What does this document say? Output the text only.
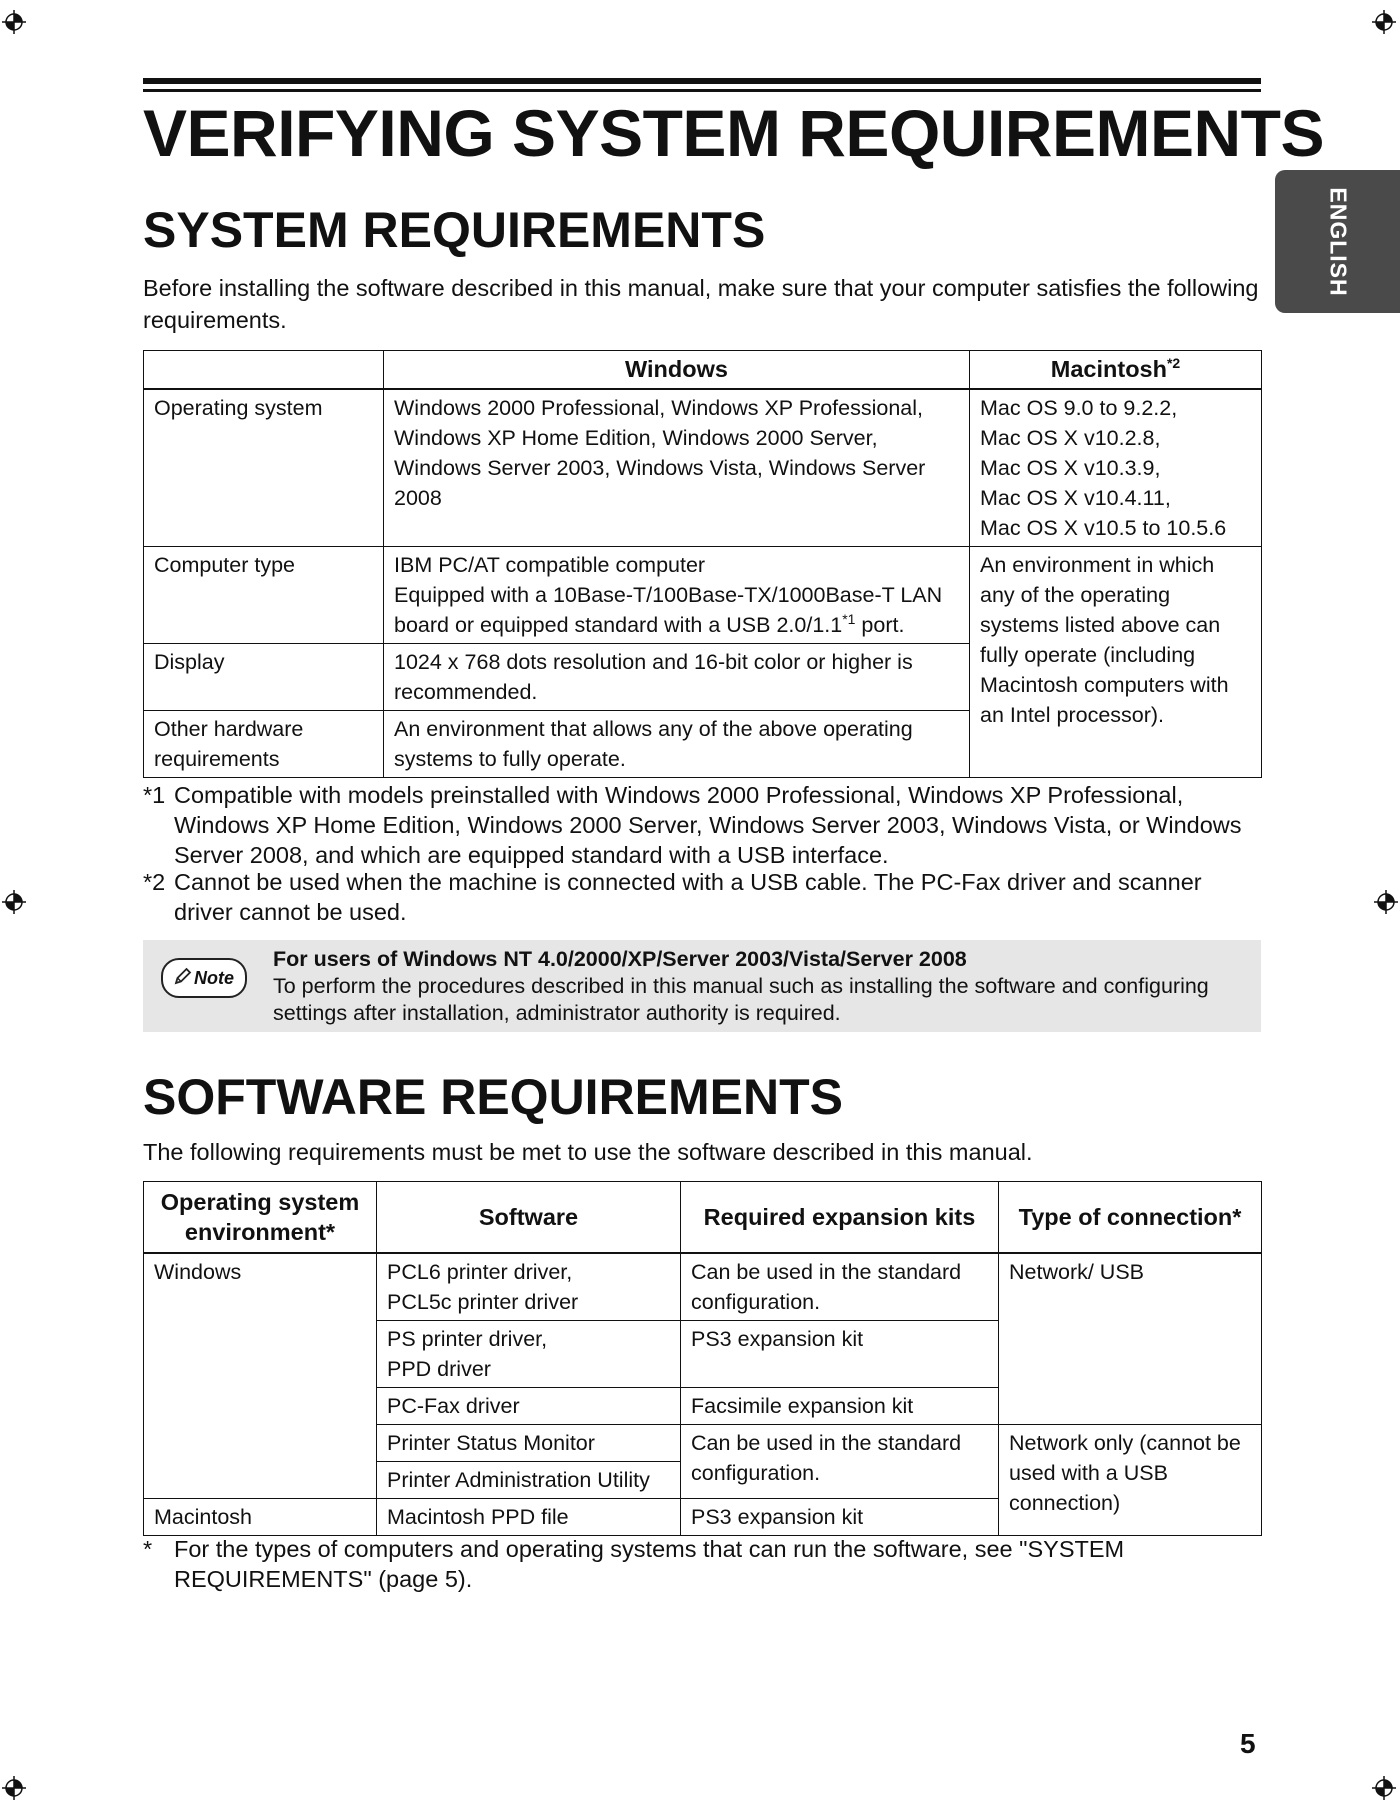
ENGLISH
VERIFYING SYSTEM REQUIREMENTS
SYSTEM REQUIREMENTS

Before installing the software described in this manual, make sure that your computer satisfies the following requirements.

	Windows	Macintosh$^{*2}$
Operating system	Windows 2000 Professional, Windows XP Professional, Windows XP Home Edition, Windows 2000 Server, Windows Server 2003, Windows Vista, Windows Server 2008	Mac OS 9.0 to 9.2.2,
Mac OS X v10.2.8,
Mac OS X v10.3.9,
Mac OS X v10.4.11,
Mac OS X v10.5 to 10.5.6

Computer type	IBM PC/AT compatible computer
Equipped with a 10Base-T/100Base-TX/1000Base-T LAN board or equipped standard with a USB 2.0/1.1$^{*1}$ port.	An environment in which any of the operating systems listed above can fully operate (including Macintosh computers with an Intel processor).
Display	1024 x 768 dots resolution and 16-bit color or higher is recommended.	
Other hardware requirements	An environment that allows any of the above operating systems to fully operate.	
*1 Compatible with models preinstalled with Windows 2000 Professional, Windows XP Professional, Windows XP Home Edition, Windows 2000 Server, Windows Server 2003, Windows Vista, or Windows Server 2008, and which are equipped standard with a USB interface.
*2 Cannot be used when the machine is connected with a USB cable. The PC-Fax driver and scanner driver cannot be used.
Note
For users of Windows NT 4.0/2000/XP/Server 2003/Vista/Server 2008
To perform the procedures described in this manual such as installing the software and configuring settings after installation, administrator authority is required.
SOFTWARE REQUIREMENTS

The following requirements must be met to use the software described in this manual.

Operating system
environment*	Software	Required expansion kits	Type of connection*
Windows	PCL6 printer driver,
PCL5c printer driver	Can be used in the standard configuration.	Network/ USB

	PS printer driver,
PPD driver	PS3 expansion kit	
	PC-Fax driver	Facsimile expansion kit	
	Printer Status Monitor	Can be used in the standard configuration.	Network only (cannot be used with a USB connection)
	Printer Administration Utility		
Macintosh	Macintosh PPD file	PS3 expansion kit	
* For the types of computers and operating systems that can run the software, see "SYSTEM REQUIREMENTS" (page 5).
5
